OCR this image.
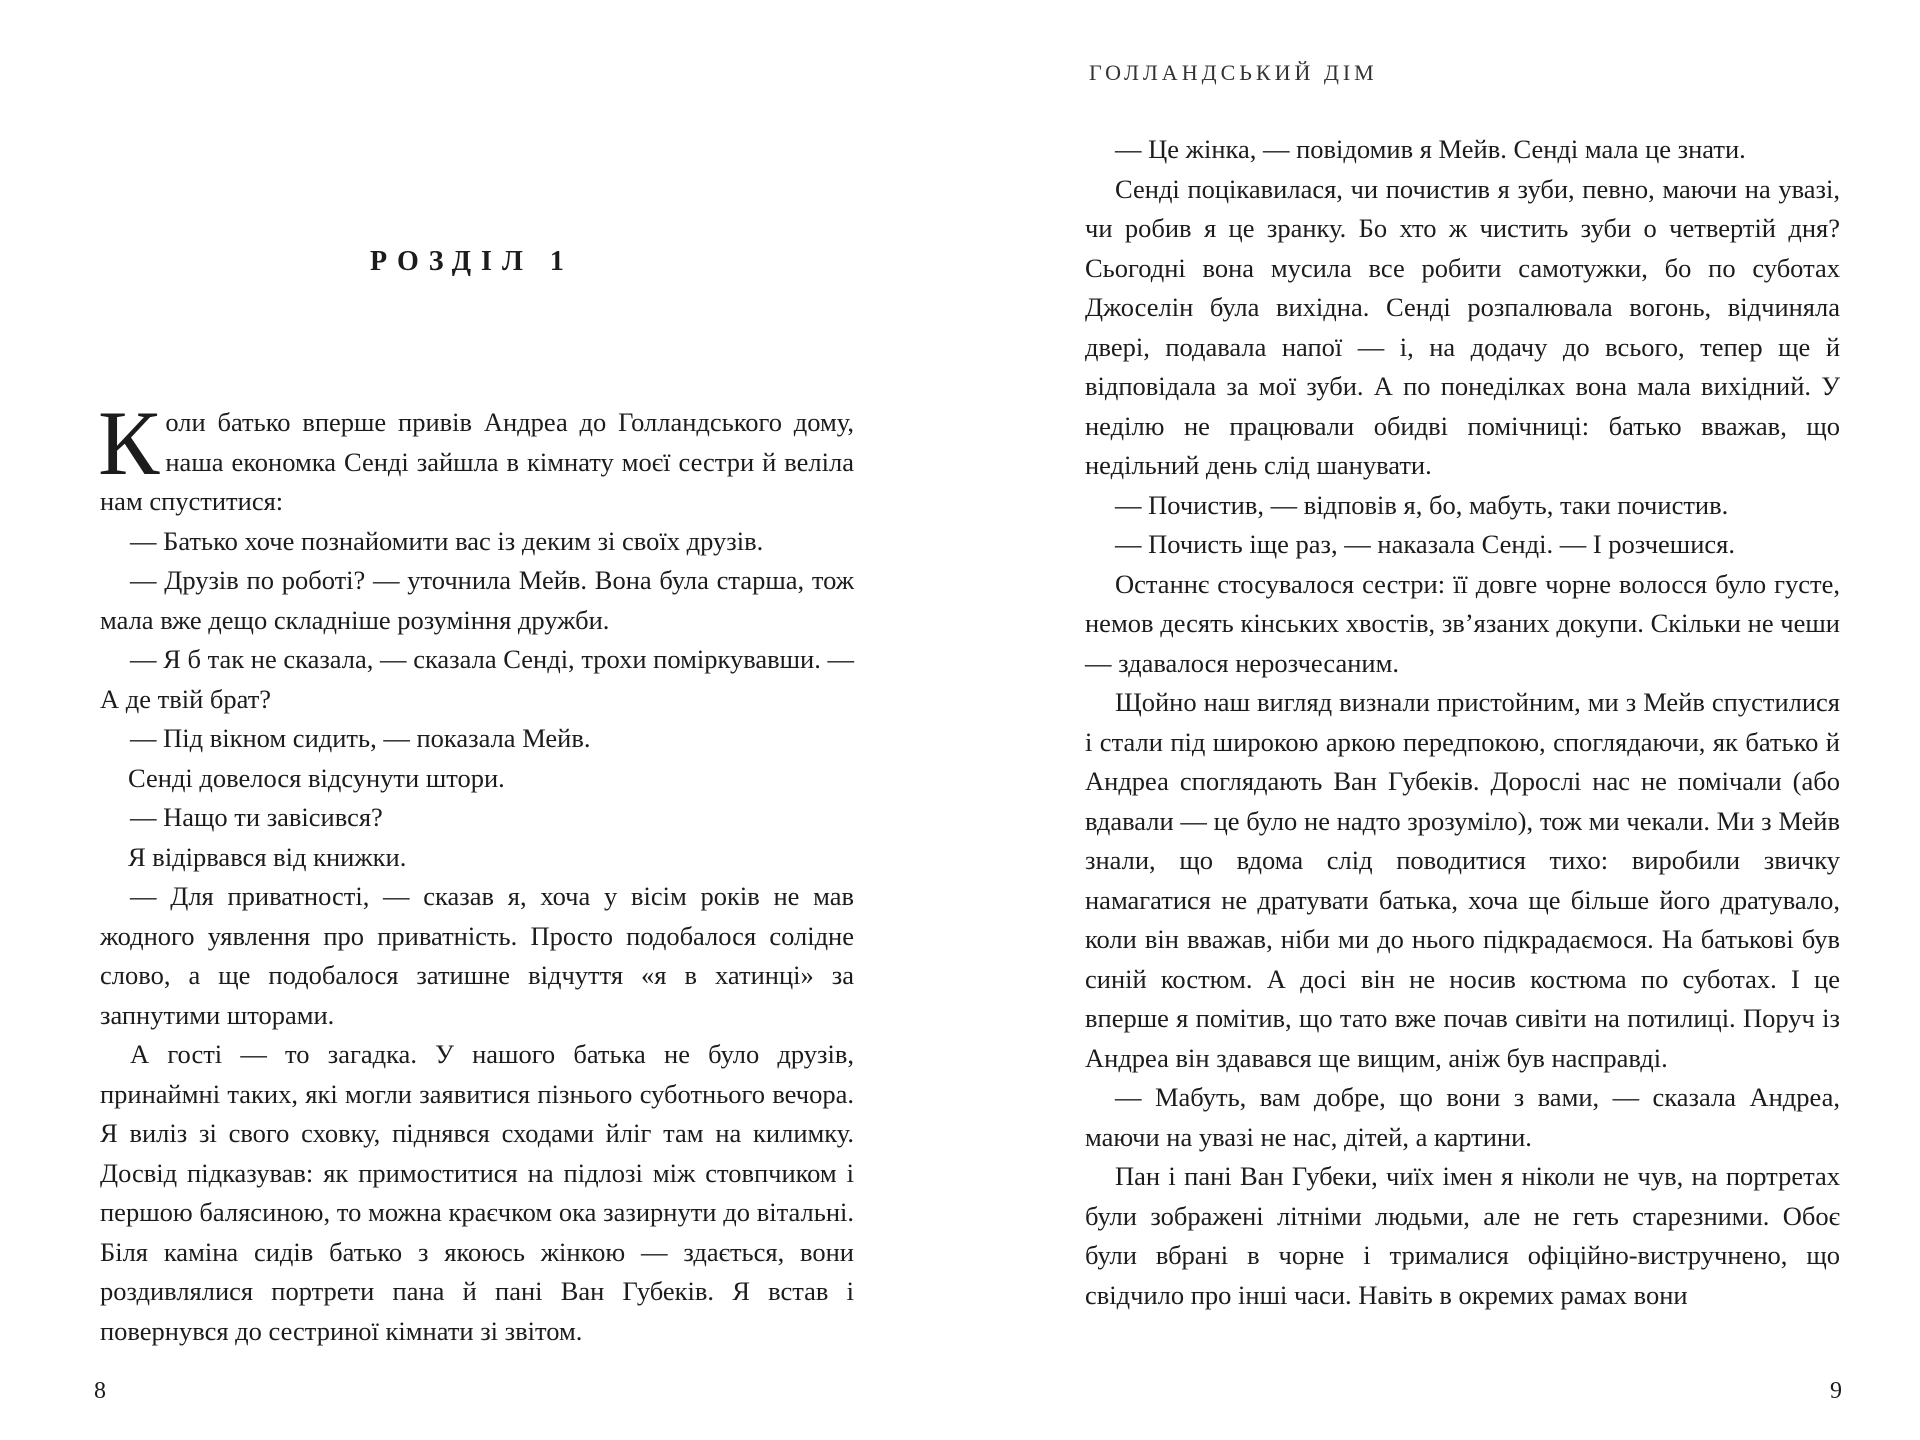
ГОЛЛАНДСЬКИЙ ДІМ
РОЗДІЛ 1

Коли батько вперше привів Андреа до Голландського дому, наша економка Сенді зайшла в кімнату моєї сестри й веліла нам спуститися:

— Батько хоче познайомити вас із деким зі своїх друзів.

— Друзів по роботі? — уточнила Мейв. Вона була старша, тож мала вже дещо складніше розуміння дружби.

— Я б так не сказала, — сказала Сенді, трохи поміркувавши. — А де твій брат?

— Під вікном сидить, — показала Мейв.

Сенді довелося відсунути штори.

— Нащо ти завісився?

Я відірвався від книжки.

— Для приватності, — сказав я, хоча у вісім років не мав жодного уявлення про приватність. Просто подобалося солідне слово, а ще подобалося затишне відчуття «я в хатинці» за запнутими шторами.

А гості — то загадка. У нашого батька не було друзів, принаймні таких, які могли заявитися пізнього суботнього вечора. Я виліз зі свого сховку, піднявся сходами йліг там на килимку. Досвід підказував: як примоститися на підлозі між стовпчиком і першою балясиною, то можна краєчком ока зазирнути до вітальні. Біля каміна сидів батько з якоюсь жінкою — здається, вони роздивлялися портрети пана й пані Ван Губеків. Я встав і повернувся до сестриної кімнати зі звітом.

— Це жінка, — повідомив я Мейв. Сенді мала це знати.

Сенді поцікавилася, чи почистив я зуби, певно, маючи на увазі, чи робив я це зранку. Бо хто ж чистить зуби о четвертій дня? Сьогодні вона мусила все робити самотужки, бо по суботах Джоселін була вихідна. Сенді розпалювала вогонь, відчиняла двері, подавала напої — і, на додачу до всього, тепер ще й відповідала за мої зуби. А по понеділках вона мала вихідний. У неділю не працювали обидві помічниці: батько вважав, що недільний день слід шанувати.

— Почистив, — відповів я, бо, мабуть, таки почистив.

— Почисть іще раз, — наказала Сенді. — І розчешися.

Останнє стосувалося сестри: її довге чорне волосся було густе, немов десять кінських хвостів, зв’язаних докупи. Скільки не чеши — здавалося нерозчесаним.

Щойно наш вигляд визнали пристойним, ми з Мейв спустилися і стали під широкою аркою передпокою, споглядаючи, як батько й Андреа споглядають Ван Губеків. Дорослі нас не помічали (або вдавали — це було не надто зрозуміло), тож ми чекали. Ми з Мейв знали, що вдома слід поводитися тихо: виробили звичку намагатися не дратувати батька, хоча ще більше його дратувало, коли він вважав, ніби ми до нього підкрадаємося. На батькові був синій костюм. А досі він не носив костюма по суботах. І це вперше я помітив, що тато вже почав сивіти на потилиці. Поруч із Андреа він здавався ще вищим, аніж був насправді.

— Мабуть, вам добре, що вони з вами, — сказала Андреа, маючи на увазі не нас, дітей, а картини.

Пан і пані Ван Губеки, чиїх імен я ніколи не чув, на портретах були зображені літніми людьми, але не геть старезними. Обоє були вбрані в чорне і трималися офіційно-вистручнено, що свідчило про інші часи. Навіть в окремих рамах вони

8	9
